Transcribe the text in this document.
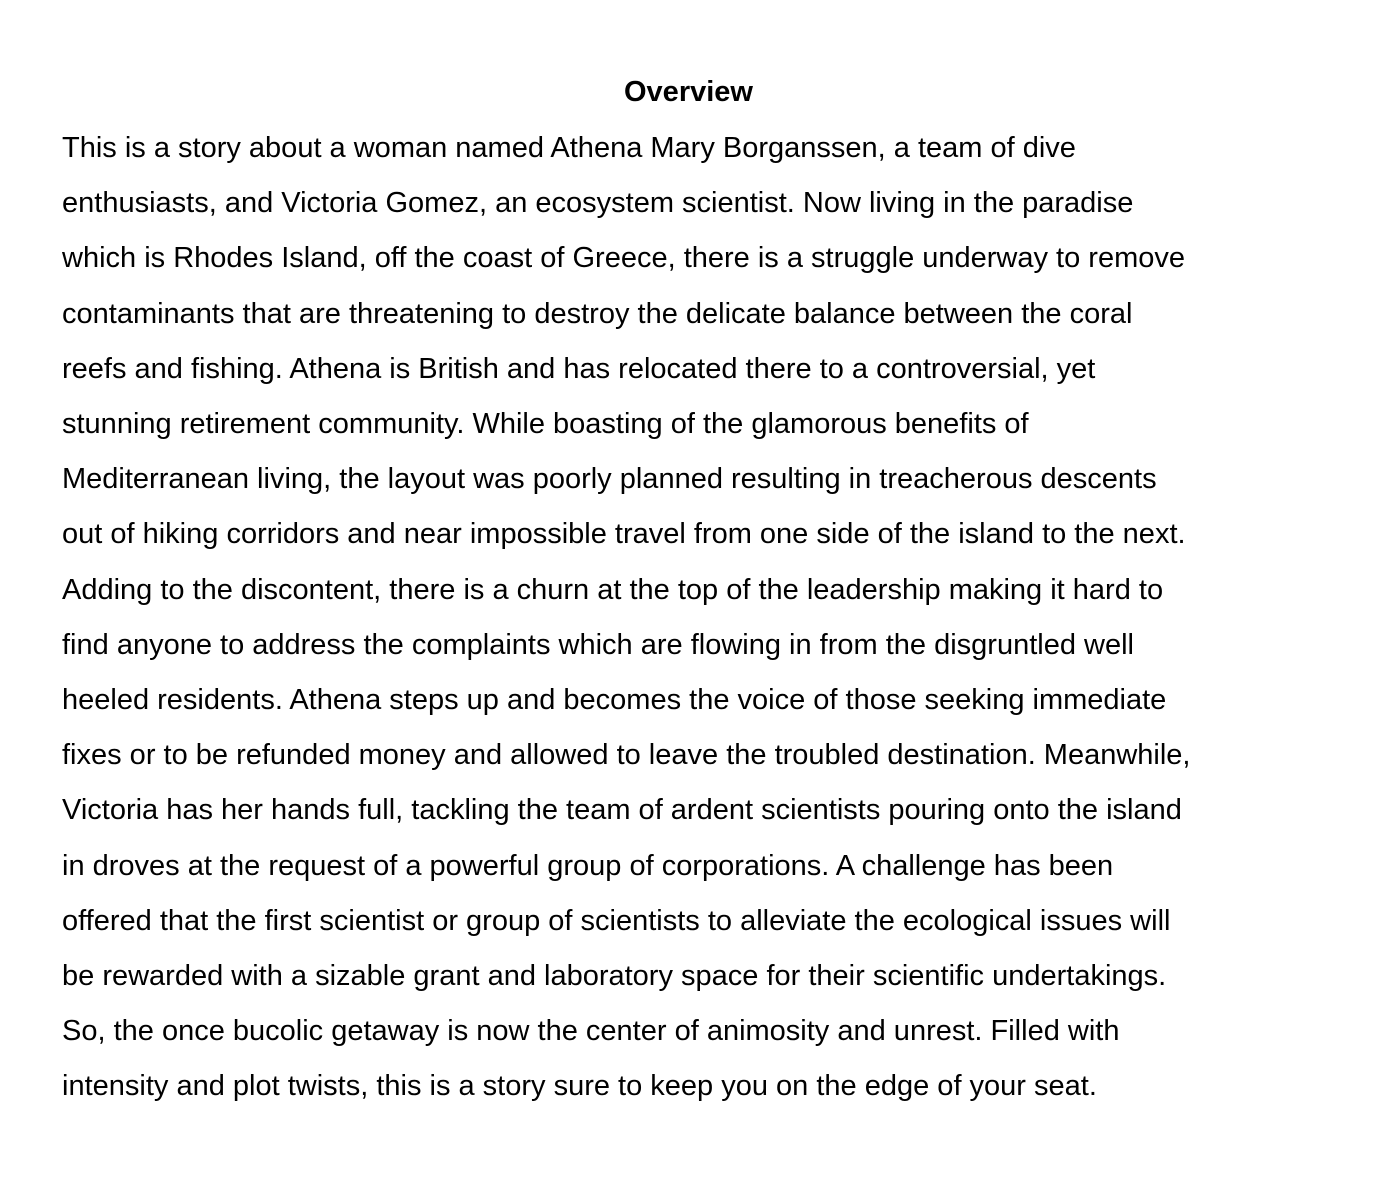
Overview

This is a story about a woman named Athena Mary Borganssen, a team of dive
enthusiasts, and Victoria Gomez, an ecosystem scientist. Now living in the paradise
which is Rhodes Island, off the coast of Greece, there is a struggle underway to remove
contaminants that are threatening to destroy the delicate balance between the coral
reefs and fishing. Athena is British and has relocated there to a controversial, yet
stunning retirement community. While boasting of the glamorous benefits of
Mediterranean living, the layout was poorly planned resulting in treacherous descents
out of hiking corridors and near impossible travel from one side of the island to the next.
Adding to the discontent, there is a churn at the top of the leadership making it hard to
find anyone to address the complaints which are flowing in from the disgruntled well
heeled residents. Athena steps up and becomes the voice of those seeking immediate
fixes or to be refunded money and allowed to leave the troubled destination. Meanwhile,
Victoria has her hands full, tackling the team of ardent scientists pouring onto the island
in droves at the request of a powerful group of corporations. A challenge has been
offered that the first scientist or group of scientists to alleviate the ecological issues will
be rewarded with a sizable grant and laboratory space for their scientific undertakings.
So, the once bucolic getaway is now the center of animosity and unrest. Filled with
intensity and plot twists, this is a story sure to keep you on the edge of your seat.
